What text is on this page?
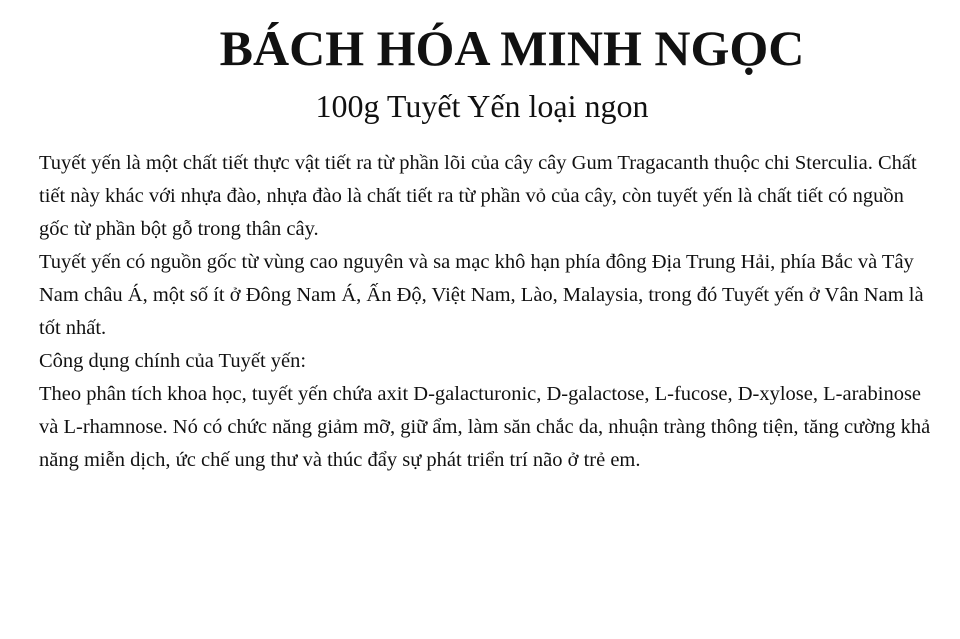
BÁCH HÓA MINH NGỌC
100g Tuyết Yến loại ngon

Tuyết yến là một chất tiết thực vật tiết ra từ phần lõi của cây cây Gum Tragacanth thuộc chi Sterculia. Chất tiết này khác với nhựa đào, nhựa đào là chất tiết ra từ phần vỏ của cây, còn tuyết yến là chất tiết có nguồn gốc từ phần bột gỗ trong thân cây.

Tuyết yến có nguồn gốc từ vùng cao nguyên và sa mạc khô hạn phía đông Địa Trung Hải, phía Bắc và Tây Nam châu Á, một số ít ở Đông Nam Á, Ấn Độ, Việt Nam, Lào, Malaysia, trong đó Tuyết yến ở Vân Nam là tốt nhất.

Công dụng chính của Tuyết yến:

Theo phân tích khoa học, tuyết yến chứa axit D-galacturonic, D-galactose, L-fucose, D-xylose, L-arabinose và L-rhamnose. Nó có chức năng giảm mỡ, giữ ẩm, làm săn chắc da, nhuận tràng thông tiện, tăng cường khả năng miễn dịch, ức chế ung thư và thúc đẩy sự phát triển trí não ở trẻ em.
